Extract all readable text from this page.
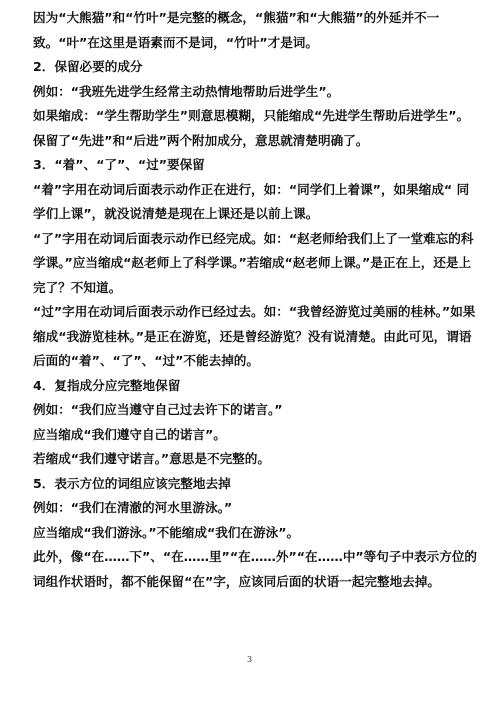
因为“大熊猫”和“竹叶”是完整的概念，“熊猫”和“大熊猫”的外延并不一致。“叶”在这里是语素而不是词，“竹叶”才是词。

2．保留必要的成分

例如：“我班先进学生经常主动热情地帮助后进学生”。

如果缩成：“学生帮助学生”则意思模糊，只能缩成“先进学生帮助后进学生”。

保留了“先进”和“后进”两个附加成分，意思就清楚明确了。

3．“着”、“了”、“过”要保留

“着”字用在动词后面表示动作正在进行，如：“同学们上着课”，如果缩成“ 同学们上课”，就没说清楚是现在上课还是以前上课。

“了”字用在动词后面表示动作已经完成。如：“赵老师给我们上了一堂难忘的科学课。”应当缩成“赵老师上了科学课。”若缩成“赵老师上课。”是正在上，还是上完了？不知道。

“过”字用在动词后面表示动作已经过去。如：“我曾经游览过美丽的桂林。”如果缩成“我游览桂林。”是正在游览，还是曾经游览？没有说清楚。由此可见，谓语后面的“着”、“了”、“过”不能去掉的。

4．复指成分应完整地保留

例如：“我们应当遵守自己过去许下的诺言。”

应当缩成“我们遵守自己的诺言”。

若缩成“我们遵守诺言。”意思是不完整的。

5．表示方位的词组应该完整地去掉

例如：“我们在清澈的河水里游泳。”

应当缩成“我们游泳。”不能缩成“我们在游泳”。

此外，像“在……下”、“在……里”“在……外”“在……中”等句子中表示方位的词组作状语时，都不能保留“在”字，应该同后面的状语一起完整地去掉。

3
